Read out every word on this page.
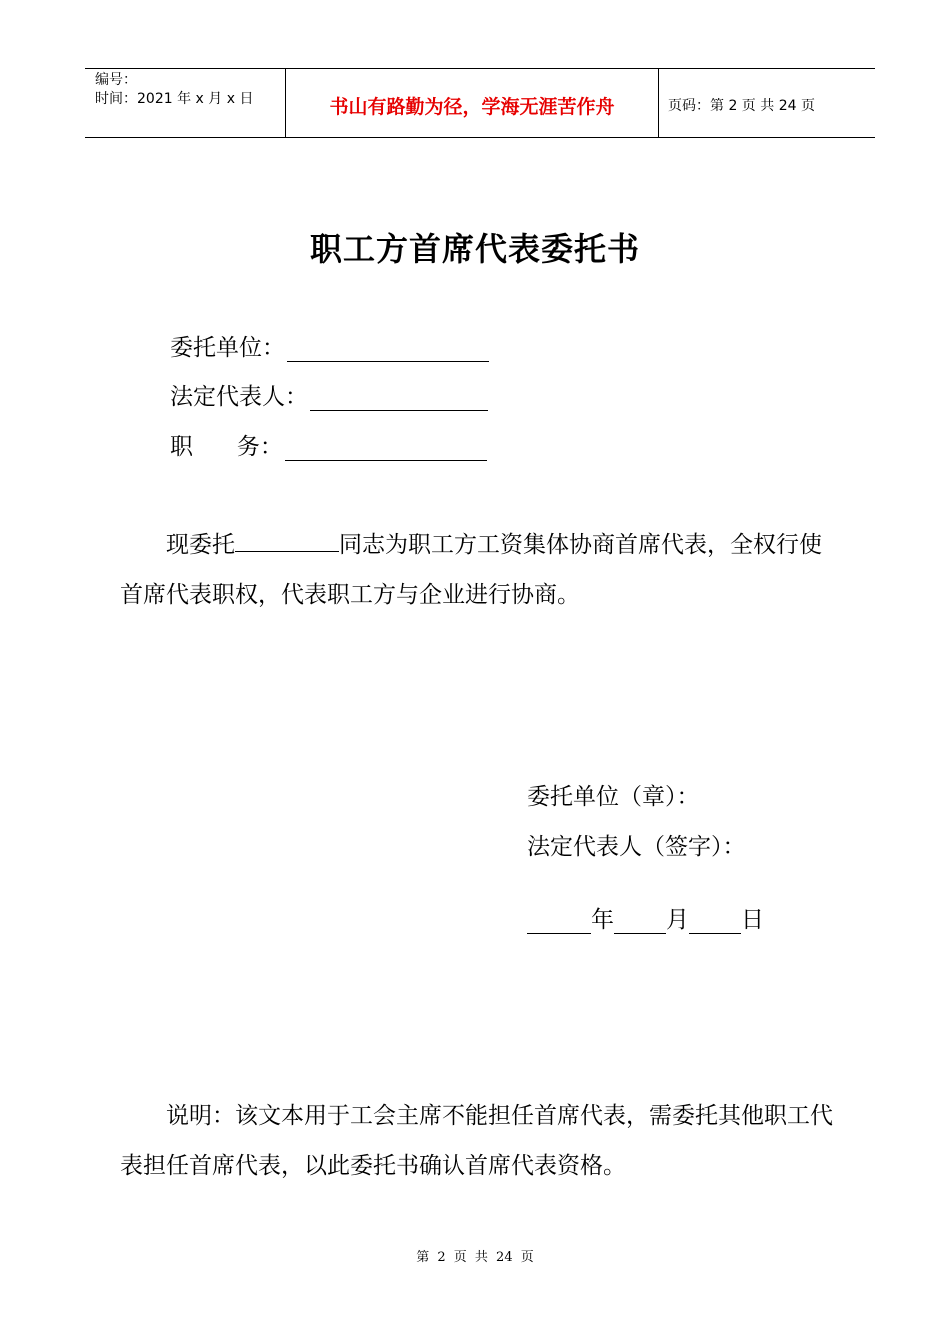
编号：
时间：2021 年 x 月 x 日	书山有路勤为径，学海无涯苦作舟	页码：第 2 页 共 24 页
职工方首席代表委托书
委托单位：
法定代表人：
职      务：
现委托	同志为职工方工资集体协商首席代表，全权行使首席代表职权，代表职工方与企业进行协商。
委托单位（章）：
法定代表人（签字）：
年 月 日
说明：该文本用于工会主席不能担任首席代表，需委托其他职工代表担任首席代表，以此委托书确认首席代表资格。
第 2 页 共 24 页
